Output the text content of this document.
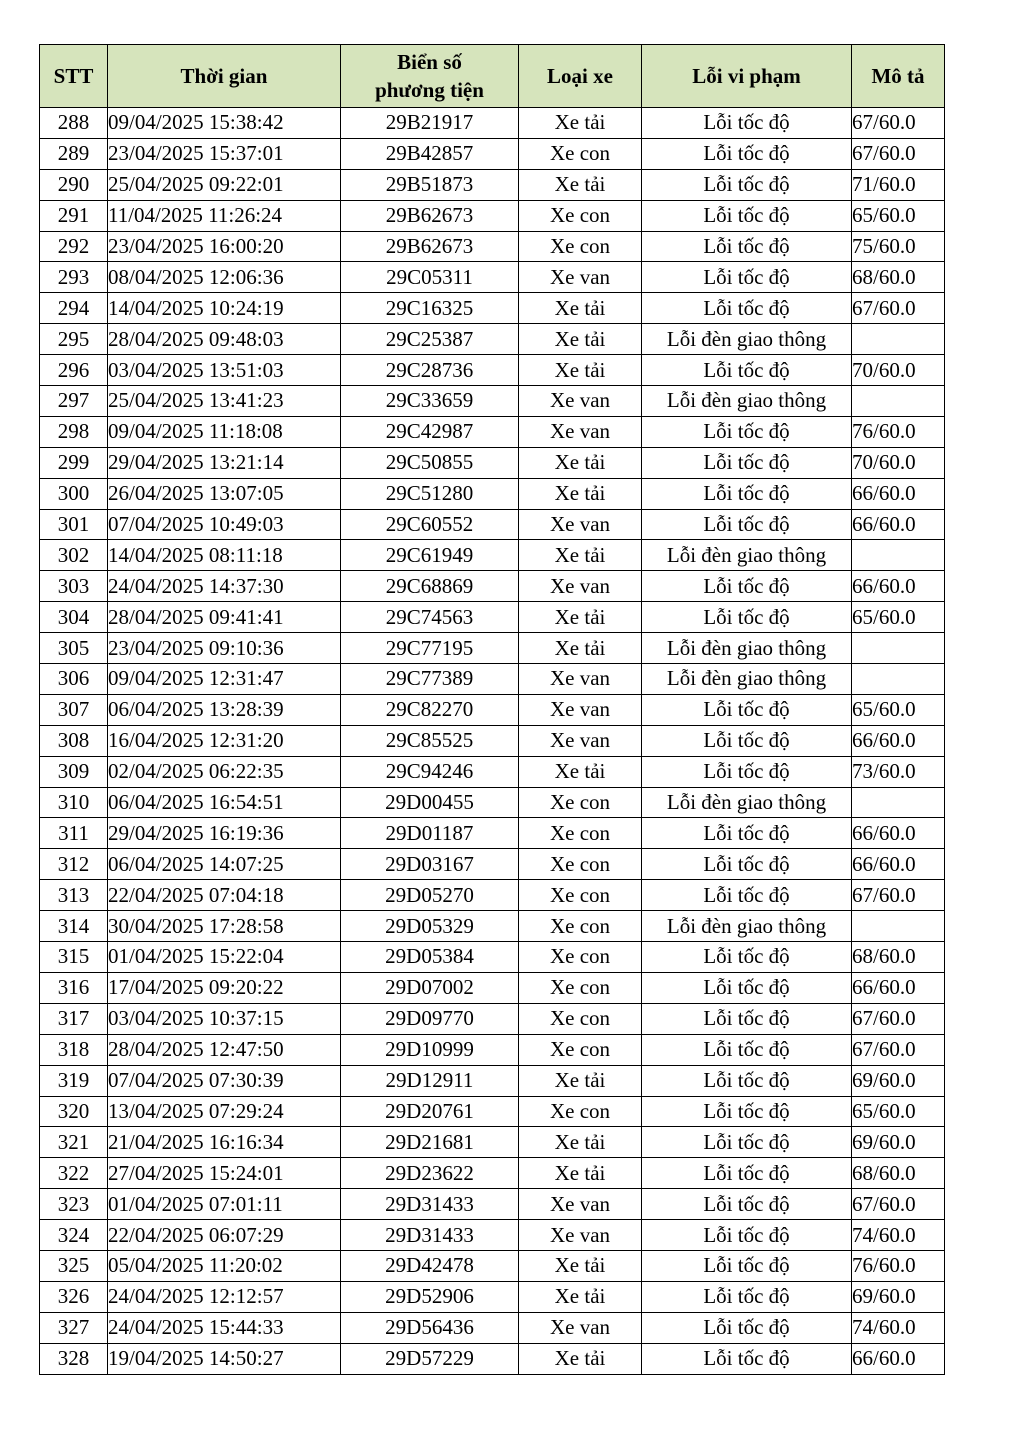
STT	Thời gian	Biển số
phương tiện	Loại xe	Lỗi vi phạm	Mô tả
288	09/04/2025 15:38:42	29B21917	Xe tải	Lỗi tốc độ	67/60.0
289	23/04/2025 15:37:01	29B42857	Xe con	Lỗi tốc độ	67/60.0
290	25/04/2025 09:22:01	29B51873	Xe tải	Lỗi tốc độ	71/60.0
291	11/04/2025 11:26:24	29B62673	Xe con	Lỗi tốc độ	65/60.0
292	23/04/2025 16:00:20	29B62673	Xe con	Lỗi tốc độ	75/60.0
293	08/04/2025 12:06:36	29C05311	Xe van	Lỗi tốc độ	68/60.0
294	14/04/2025 10:24:19	29C16325	Xe tải	Lỗi tốc độ	67/60.0
295	28/04/2025 09:48:03	29C25387	Xe tải	Lỗi đèn giao thông	
296	03/04/2025 13:51:03	29C28736	Xe tải	Lỗi tốc độ	70/60.0
297	25/04/2025 13:41:23	29C33659	Xe van	Lỗi đèn giao thông	
298	09/04/2025 11:18:08	29C42987	Xe van	Lỗi tốc độ	76/60.0
299	29/04/2025 13:21:14	29C50855	Xe tải	Lỗi tốc độ	70/60.0
300	26/04/2025 13:07:05	29C51280	Xe tải	Lỗi tốc độ	66/60.0
301	07/04/2025 10:49:03	29C60552	Xe van	Lỗi tốc độ	66/60.0
302	14/04/2025 08:11:18	29C61949	Xe tải	Lỗi đèn giao thông	
303	24/04/2025 14:37:30	29C68869	Xe van	Lỗi tốc độ	66/60.0
304	28/04/2025 09:41:41	29C74563	Xe tải	Lỗi tốc độ	65/60.0
305	23/04/2025 09:10:36	29C77195	Xe tải	Lỗi đèn giao thông	
306	09/04/2025 12:31:47	29C77389	Xe van	Lỗi đèn giao thông	
307	06/04/2025 13:28:39	29C82270	Xe van	Lỗi tốc độ	65/60.0
308	16/04/2025 12:31:20	29C85525	Xe van	Lỗi tốc độ	66/60.0
309	02/04/2025 06:22:35	29C94246	Xe tải	Lỗi tốc độ	73/60.0
310	06/04/2025 16:54:51	29D00455	Xe con	Lỗi đèn giao thông	
311	29/04/2025 16:19:36	29D01187	Xe con	Lỗi tốc độ	66/60.0
312	06/04/2025 14:07:25	29D03167	Xe con	Lỗi tốc độ	66/60.0
313	22/04/2025 07:04:18	29D05270	Xe con	Lỗi tốc độ	67/60.0
314	30/04/2025 17:28:58	29D05329	Xe con	Lỗi đèn giao thông	
315	01/04/2025 15:22:04	29D05384	Xe con	Lỗi tốc độ	68/60.0
316	17/04/2025 09:20:22	29D07002	Xe con	Lỗi tốc độ	66/60.0
317	03/04/2025 10:37:15	29D09770	Xe con	Lỗi tốc độ	67/60.0
318	28/04/2025 12:47:50	29D10999	Xe con	Lỗi tốc độ	67/60.0
319	07/04/2025 07:30:39	29D12911	Xe tải	Lỗi tốc độ	69/60.0
320	13/04/2025 07:29:24	29D20761	Xe con	Lỗi tốc độ	65/60.0
321	21/04/2025 16:16:34	29D21681	Xe tải	Lỗi tốc độ	69/60.0
322	27/04/2025 15:24:01	29D23622	Xe tải	Lỗi tốc độ	68/60.0
323	01/04/2025 07:01:11	29D31433	Xe van	Lỗi tốc độ	67/60.0
324	22/04/2025 06:07:29	29D31433	Xe van	Lỗi tốc độ	74/60.0
325	05/04/2025 11:20:02	29D42478	Xe tải	Lỗi tốc độ	76/60.0
326	24/04/2025 12:12:57	29D52906	Xe tải	Lỗi tốc độ	69/60.0
327	24/04/2025 15:44:33	29D56436	Xe van	Lỗi tốc độ	74/60.0
328	19/04/2025 14:50:27	29D57229	Xe tải	Lỗi tốc độ	66/60.0
